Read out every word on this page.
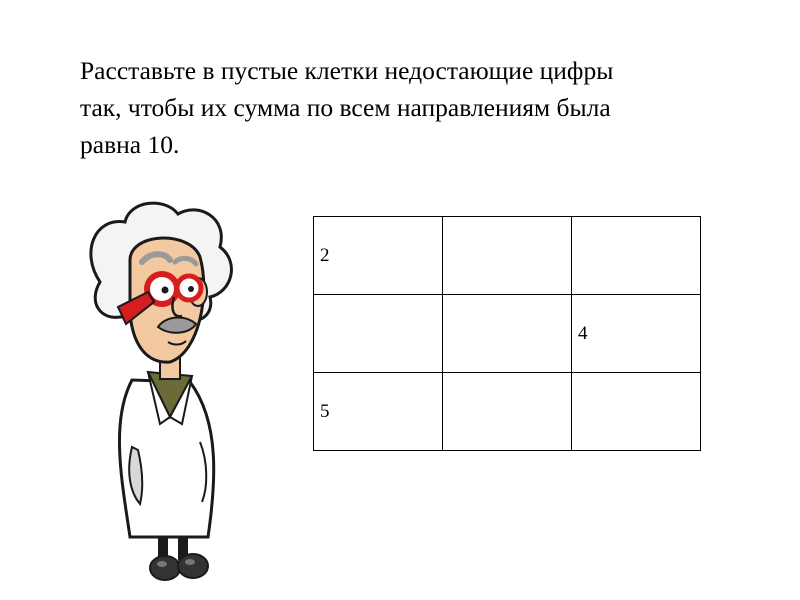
Расставьте в пустые клетки недостающие цифры
так, чтобы их сумма по всем направлениям была
равна 10.

2		
		4
5		
